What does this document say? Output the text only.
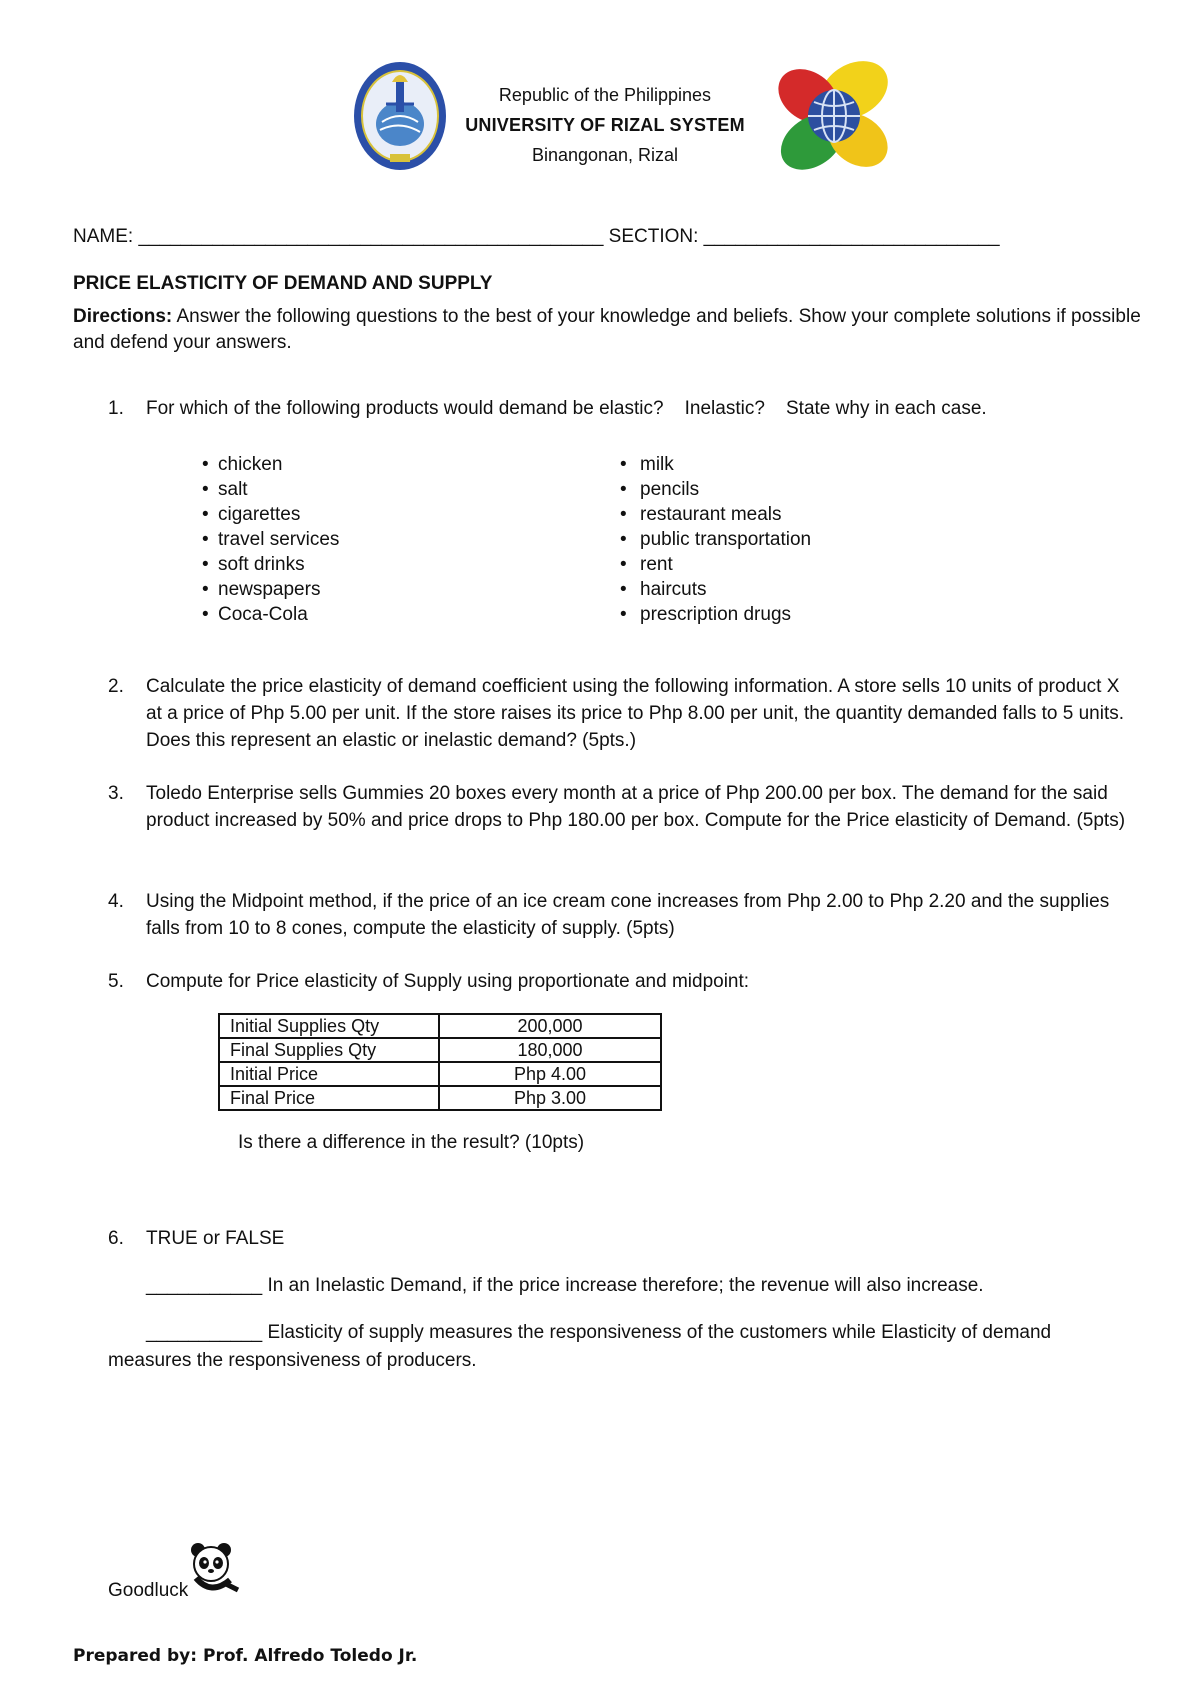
Republic of the Philippines
UNIVERSITY OF RIZAL SYSTEM
Binangonan, Rizal
NAME: ____________________________________________ SECTION: ____________________________
PRICE ELASTICITY OF DEMAND AND SUPPLY
Directions: Answer the following questions to the best of your knowledge and beliefs. Show your complete solutions if possible and defend your answers.
1.	For which of the following products would demand be elastic?    Inelastic?    State why in each case.
• chicken
• salt
• cigarettes
• travel services
• soft drinks
• newspapers
• Coca-Cola
• milk
• pencils
• restaurant meals
• public transportation
• rent
• haircuts
• prescription drugs
2.	Calculate the price elasticity of demand coefficient using the following information. A store sells 10 units of product X at a price of Php 5.00 per unit. If the store raises its price to Php 8.00 per unit, the quantity demanded falls to 5 units. Does this represent an elastic or inelastic demand? (5pts.)
3.	Toledo Enterprise sells Gummies 20 boxes every month at a price of Php 200.00 per box. The demand for the said product increased by 50% and price drops to Php 180.00 per box. Compute for the Price elasticity of Demand. (5pts)
4.	Using the Midpoint method, if the price of an ice cream cone increases from Php 2.00 to Php 2.20 and the supplies falls from 10 to 8 cones, compute the elasticity of supply. (5pts)
5.	Compute for Price elasticity of Supply using proportionate and midpoint:
Initial Supplies Qty	200,000
Final Supplies Qty	180,000
Initial Price	Php 4.00
Final Price	Php 3.00
Is there a difference in the result? (10pts)
6.	TRUE or FALSE
___________ In an Inelastic Demand, if the price increase therefore; the revenue will also increase.
___________ Elasticity of supply measures the responsiveness of the customers while Elasticity of demand measures the responsiveness of producers.
Goodluck
Prepared by: Prof. Alfredo Toledo Jr.
